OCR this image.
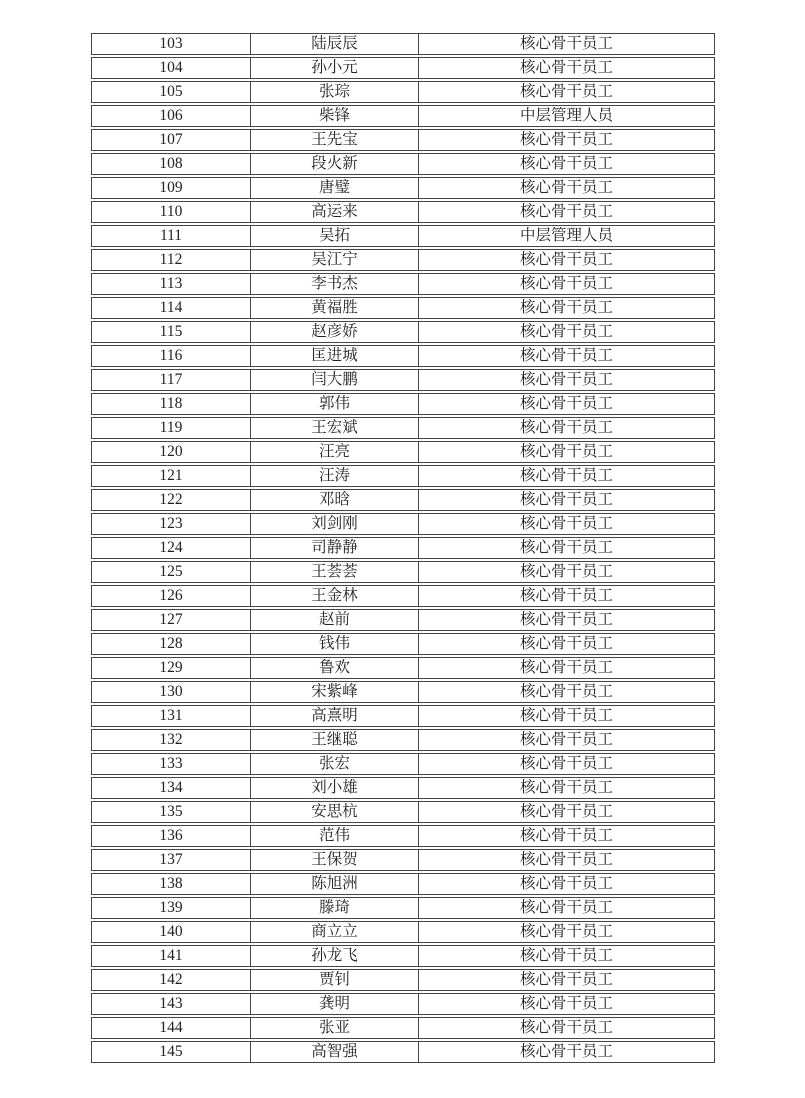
103	陆辰辰	核心骨干员工
104	孙小元	核心骨干员工
105	张琮	核心骨干员工
106	柴锋	中层管理人员
107	王先宝	核心骨干员工
108	段火新	核心骨干员工
109	唐璧	核心骨干员工
110	高运来	核心骨干员工
111	吴拓	中层管理人员
112	吴江宁	核心骨干员工
113	李书杰	核心骨干员工
114	黄福胜	核心骨干员工
115	赵彦娇	核心骨干员工
116	匡进城	核心骨干员工
117	闫大鹏	核心骨干员工
118	郭伟	核心骨干员工
119	王宏斌	核心骨干员工
120	汪亮	核心骨干员工
121	汪涛	核心骨干员工
122	邓晗	核心骨干员工
123	刘剑刚	核心骨干员工
124	司静静	核心骨干员工
125	王荟荟	核心骨干员工
126	王金林	核心骨干员工
127	赵前	核心骨干员工
128	钱伟	核心骨干员工
129	鲁欢	核心骨干员工
130	宋紫峰	核心骨干员工
131	高熹明	核心骨干员工
132	王继聪	核心骨干员工
133	张宏	核心骨干员工
134	刘小雄	核心骨干员工
135	安思杭	核心骨干员工
136	范伟	核心骨干员工
137	王保贺	核心骨干员工
138	陈旭洲	核心骨干员工
139	滕琦	核心骨干员工
140	商立立	核心骨干员工
141	孙龙飞	核心骨干员工
142	贾钊	核心骨干员工
143	龚明	核心骨干员工
144	张亚	核心骨干员工
145	高智强	核心骨干员工
